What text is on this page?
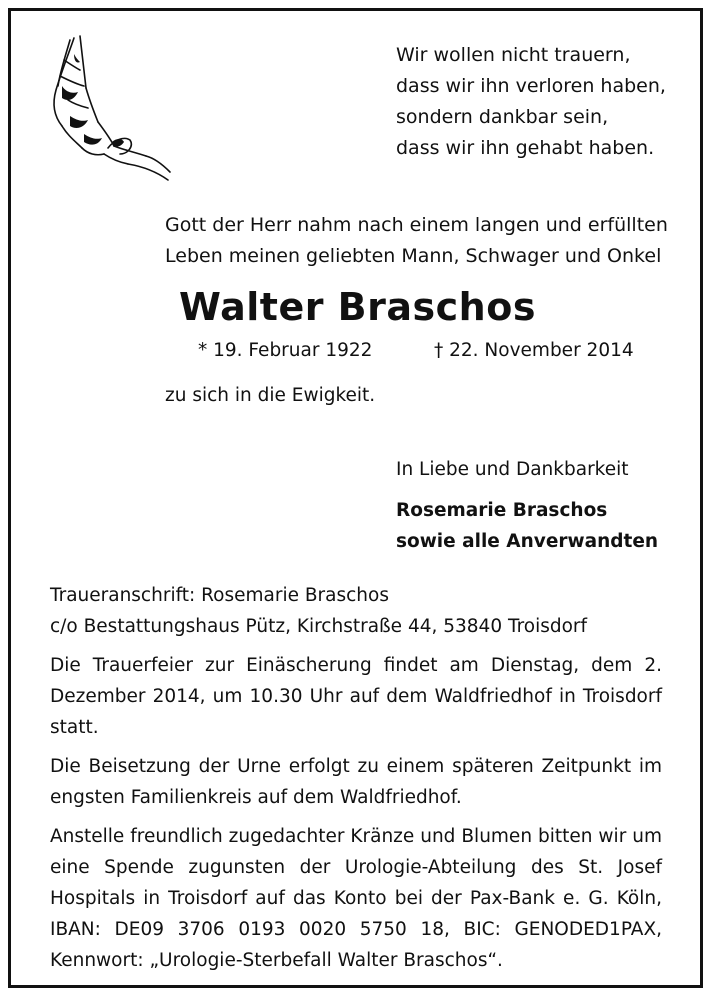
Wir wollen nicht trauern,
dass wir ihn verloren haben,
sondern dankbar sein,
dass wir ihn gehabt haben.
Gott der Herr nahm nach einem langen und erfüllten
Leben meinen geliebten Mann, Schwager und Onkel
Walter Braschos
* 19. Februar 1922	† 22. November 2014
zu sich in die Ewigkeit.
In Liebe und Dankbarkeit
Rosemarie Braschos
sowie alle Anverwandten

Traueranschrift: Rosemarie Braschos
c/o Bestattungshaus Pütz, Kirchstraße 44, 53840 Troisdorf

Die Trauerfeier zur Einäscherung findet am Dienstag, dem 2. Dezember 2014, um 10.30 Uhr auf dem Waldfriedhof in Troisdorf statt.

Die Beisetzung der Urne erfolgt zu einem späteren Zeitpunkt im engsten Familienkreis auf dem Waldfriedhof.

Anstelle freundlich zugedachter Kränze und Blumen bitten wir um eine Spende zugunsten der Urologie-Abteilung des St. Josef Hospitals in Troisdorf auf das Konto bei der Pax-Bank e. G. Köln, IBAN: DE09 3706 0193 0020 5750 18, BIC: GENODED1PAX, Kennwort: „Urologie-Sterbefall Walter Braschos“.
